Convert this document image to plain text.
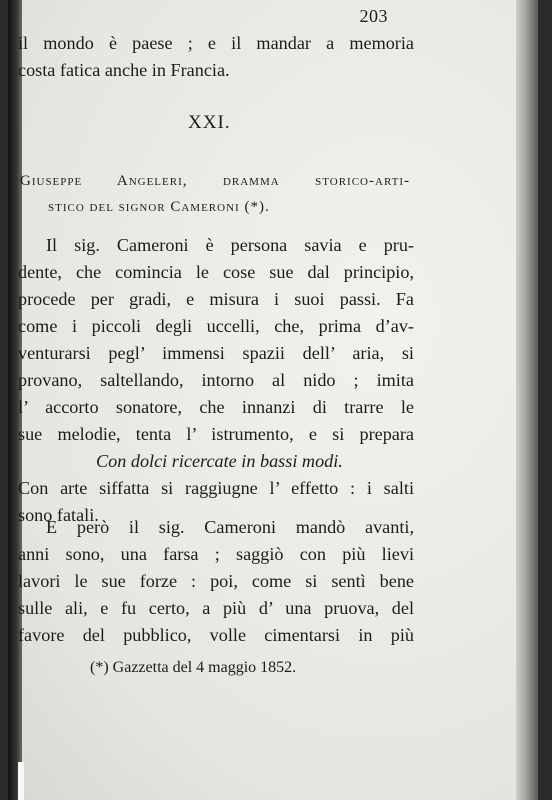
203
il mondo è paese ; e il mandar a memoria
costa fatica anche in Francia.
XXI.
Giuseppe Angeleri, dramma storico-arti-
stico del signor Cameroni (*).
Il sig. Cameroni è persona savia e pru-
dente, che comincia le cose sue dal principio,
procede per gradi, e misura i suoi passi. Fa
come i piccoli degli uccelli, che, prima d’av-
venturarsi pegl’ immensi spazii dell’ aria, si
provano, saltellando, intorno al nido ; imita
l’ accorto sonatore, che innanzi di trarre le
sue melodie, tenta l’ istrumento, e si prepara
Con dolci ricercate in bassi modi.
Con arte siffatta si raggiugne l’ effetto : i salti
sono fatali.
E però il sig. Cameroni mandò avanti,
anni sono, una farsa ; saggiò con più lievi
lavori le sue forze : poi, come si sentì bene
sulle ali, e fu certo, a più d’ una pruova, del
favore del pubblico, volle cimentarsi in più
(*) Gazzetta del 4 maggio 1852.
